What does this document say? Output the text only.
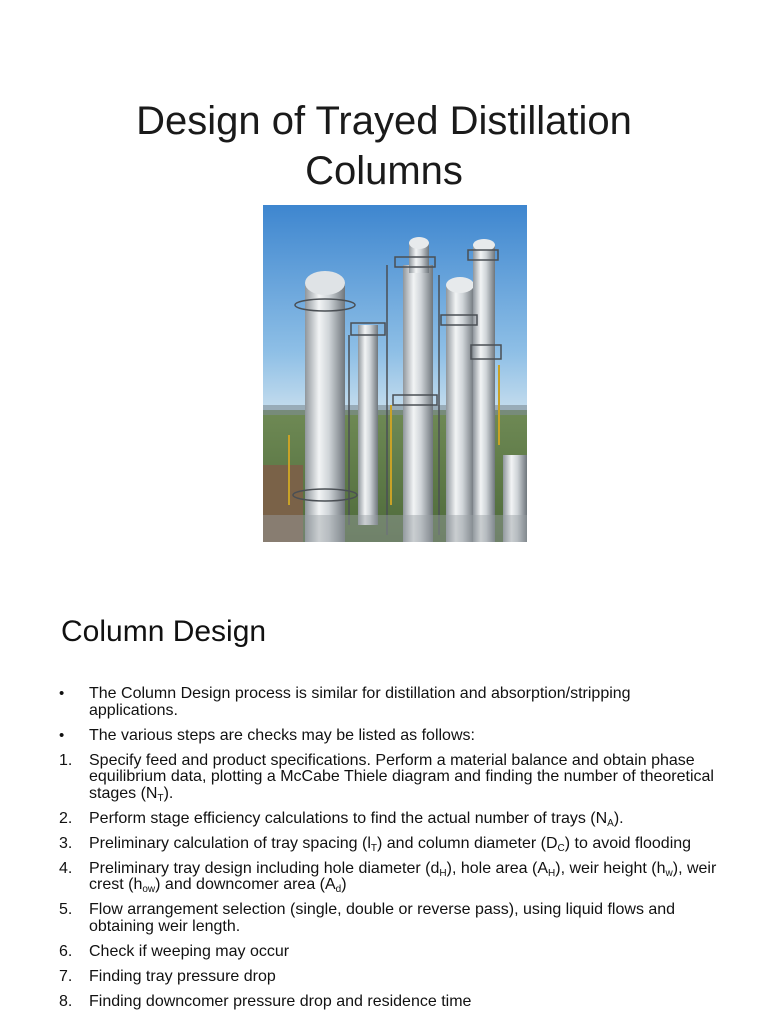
Design of Trayed Distillation
Columns
Column Design
•	The Column Design process is similar for distillation and absorption/stripping applications.
•	The various steps are checks may be listed as follows:
1.	Specify feed and product specifications. Perform a material balance and obtain phase equilibrium data, plotting a McCabe Thiele diagram and finding the number of theoretical stages $(N_T)$.
2.	Perform stage efficiency calculations to find the actual number of trays $(N_A)$.
3.	Preliminary calculation of tray spacing $(l_T)$ and column diameter $(D_C)$ to avoid flooding
4.	Preliminary tray design including hole diameter $(d_H)$, hole area $(A_H)$, weir height $(h_w)$, weir crest $(h_{ow})$ and downcomer area $(A_d)$
5.	Flow arrangement selection (single, double or reverse pass), using liquid flows and obtaining weir length.
6.	Check if weeping may occur
7.	Finding tray pressure drop
8.	Finding downcomer pressure drop and residence time
